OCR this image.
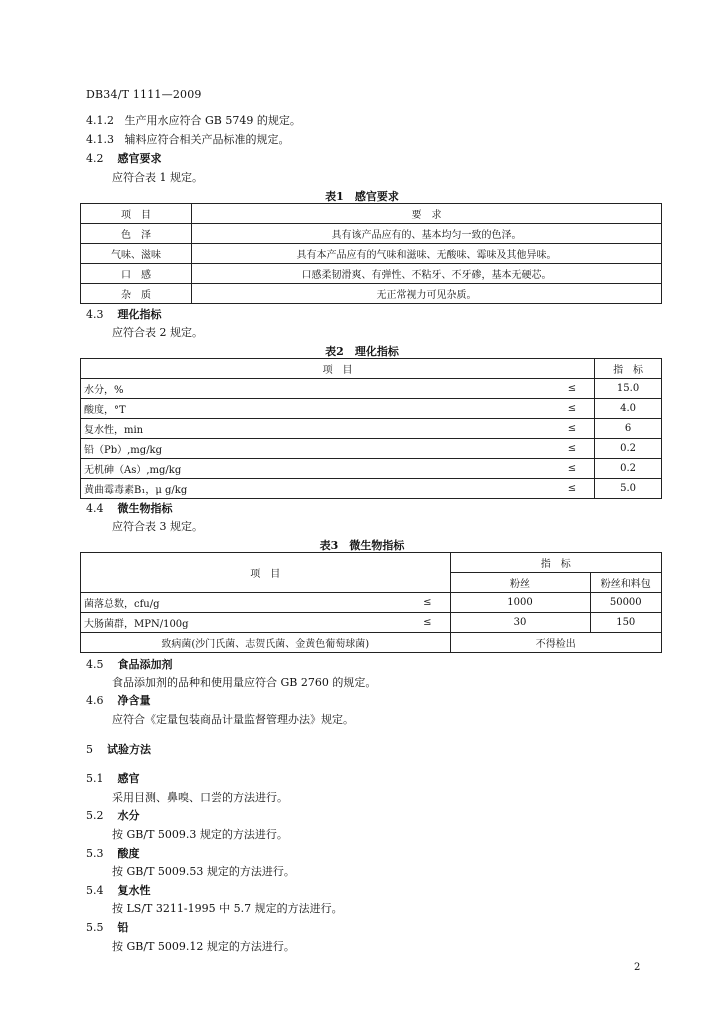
DB34/T 1111—2009
4.1.2 生产用水应符合 GB 5749 的规定。
4.1.3 辅料应符合相关产品标准的规定。
4.2 感官要求
应符合表 1 规定。
表1　感官要求
项　目	要　求
色　泽	具有该产品应有的、基本均匀一致的色泽。
气味、滋味	具有本产品应有的气味和滋味、无酸味、霉味及其他异味。
口　感	口感柔韧滑爽、有弹性、不粘牙、不牙碜，基本无硬芯。
杂　质	无正常视力可见杂质。
4.3 理化指标
应符合表 2 规定。
表2　理化指标
项　目		指　标
水分，%	≤	15.0
酸度，°T	≤	4.0
复水性，min	≤	6
铅（Pb）,mg/kg	≤	0.2
无机砷（As）,mg/kg	≤	0.2
黄曲霉毒素B₁，μ g/kg	≤	5.0
4.4 微生物指标
应符合表 3 规定。
表3　微生物指标
项　目		指　标	
		粉丝	粉丝和料包
菌落总数，cfu/g	≤	1000	50000
大肠菌群，MPN/100g	≤	30	150
致病菌(沙门氏菌、志贺氏菌、金黄色葡萄球菌)		不得检出	
4.5 食品添加剂
食品添加剂的品种和使用量应符合 GB 2760 的规定。
4.6 净含量
应符合《定量包装商品计量监督管理办法》规定。
5 试验方法
5.1 感官
采用目测、鼻嗅、口尝的方法进行。
5.2 水分
按 GB/T 5009.3 规定的方法进行。
5.3 酸度
按 GB/T 5009.53 规定的方法进行。
5.4 复水性
按 LS/T 3211-1995 中 5.7 规定的方法进行。
5.5 铅
按 GB/T 5009.12 规定的方法进行。
2
